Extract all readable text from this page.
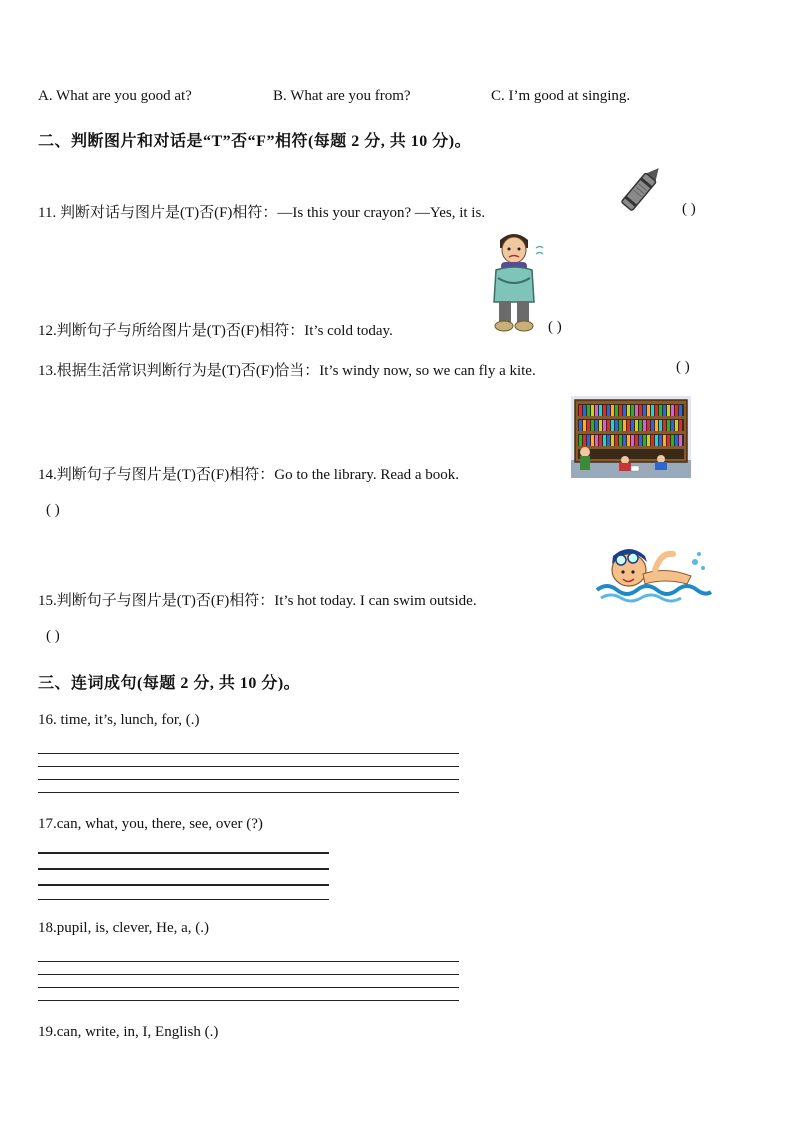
A. What are you good at?	B. What are you from?	C. I’m good at singing.
二、判断图片和对话是“T”否“F”相符(每题 2 分, 共 10 分)。
11. 判断对话与图片是(T)否(F)相符：—Is this your crayon? —Yes, it is.	( )
12.判断句子与所给图片是(T)否(F)相符：It’s cold today.	( )
13.根据生活常识判断行为是(T)否(F)恰当：It’s windy now, so we can fly a kite.	( )
14.判断句子与图片是(T)否(F)相符：Go to the library. Read a book.
( )
15.判断句子与图片是(T)否(F)相符：It’s hot today. I can swim outside.
( )
三、连词成句(每题 2 分, 共 10 分)。
16. time, it’s, lunch, for, (.)
17.can, what, you, there, see, over (?)
18.pupil, is, clever, He, a, (.)
19.can, write, in, I, English (.)
